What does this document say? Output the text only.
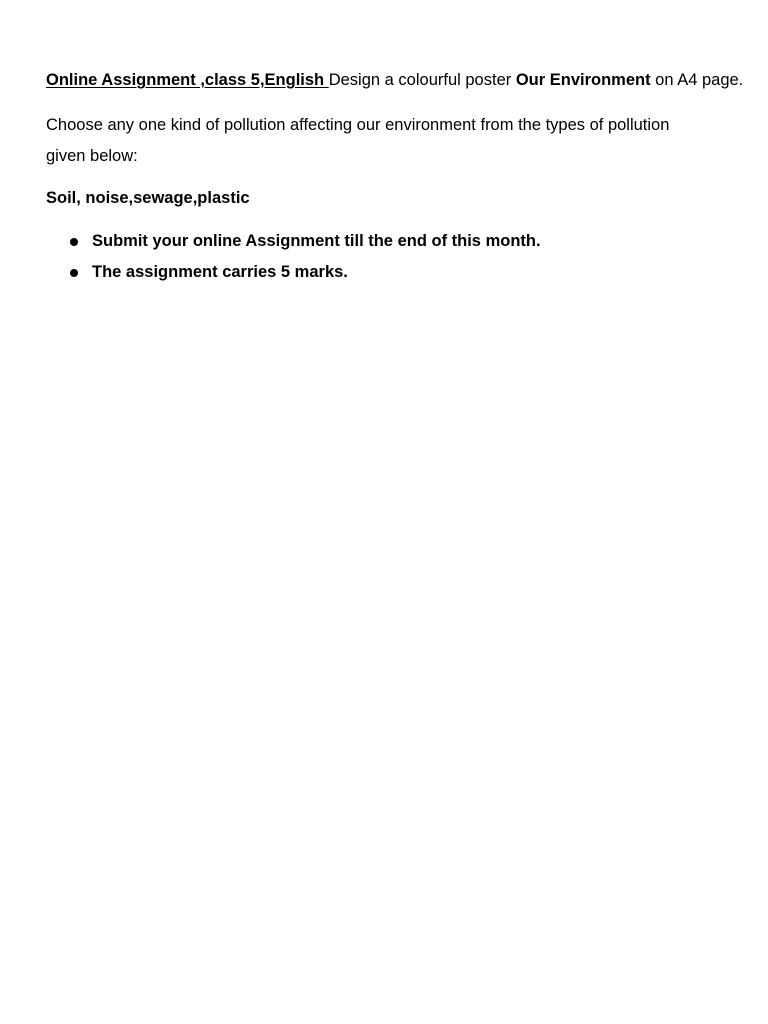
Online Assignment ,class 5,English Design a colourful poster Our Environment on A4 page.

Choose any one kind of pollution affecting our environment from the types of pollution given below:

Soil, noise,sewage,plastic

Submit your online Assignment till the end of this month.
The assignment carries 5 marks.
